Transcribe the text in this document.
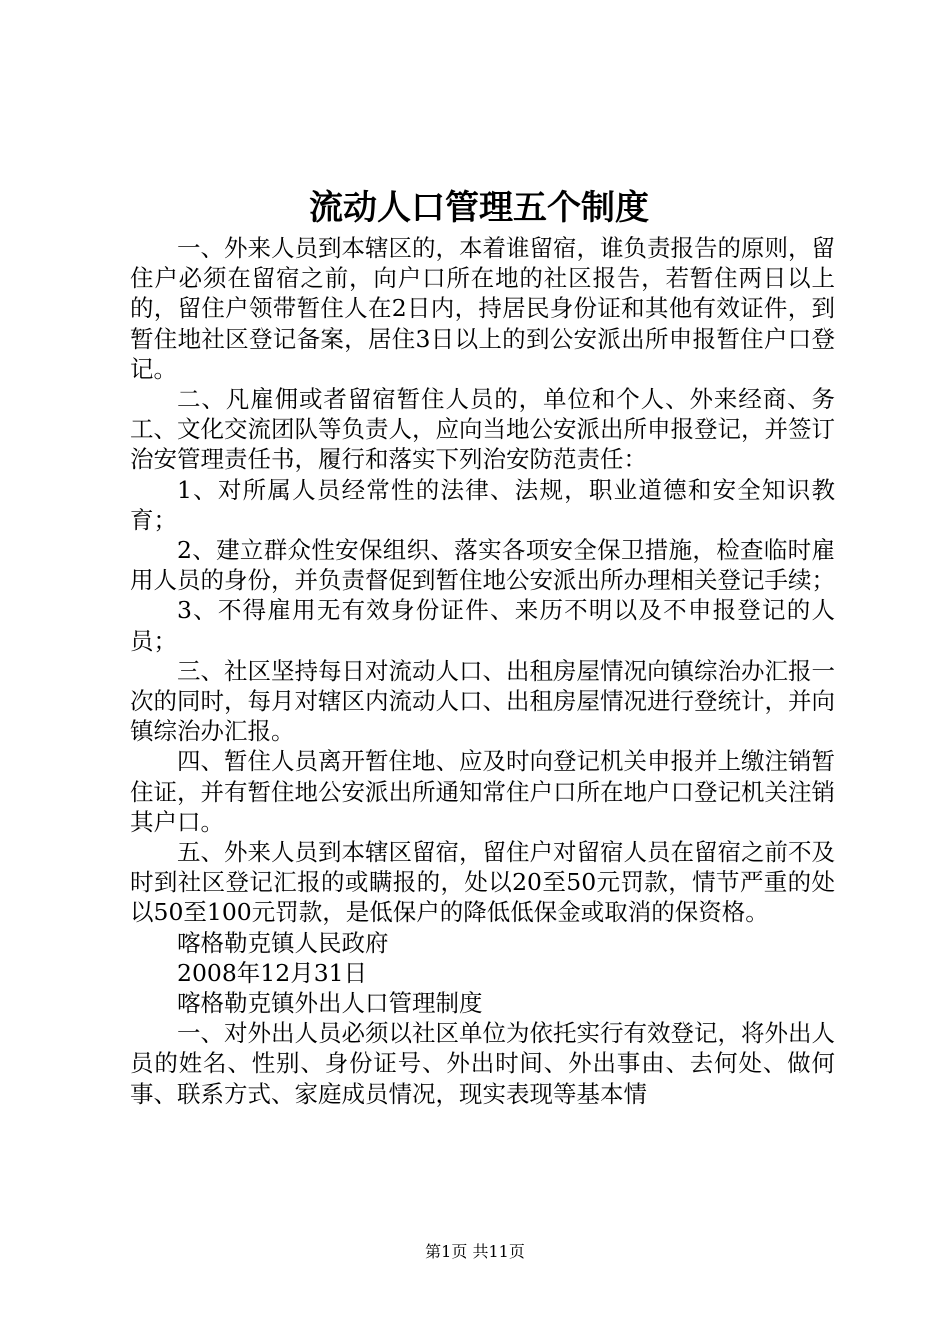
流动人口管理五个制度

一、外来人员到本辖区的，本着谁留宿，谁负责报告的原则，留住户必须在留宿之前，向户口所在地的社区报告，若暂住两日以上的，留住户领带暂住人在2日内，持居民身份证和其他有效证件，到暂住地社区登记备案，居住3日以上的到公安派出所申报暂住户口登记。

二、凡雇佣或者留宿暂住人员的，单位和个人、外来经商、务工、文化交流团队等负责人，应向当地公安派出所申报登记，并签订治安管理责任书，履行和落实下列治安防范责任：

1、对所属人员经常性的法律、法规，职业道德和安全知识教育；

2、建立群众性安保组织、落实各项安全保卫措施，检查临时雇用人员的身份，并负责督促到暂住地公安派出所办理相关登记手续；

3、不得雇用无有效身份证件、来历不明以及不申报登记的人员；

三、社区坚持每日对流动人口、出租房屋情况向镇综治办汇报一次的同时，每月对辖区内流动人口、出租房屋情况进行登统计，并向镇综治办汇报。

四、暂住人员离开暂住地、应及时向登记机关申报并上缴注销暂住证，并有暂住地公安派出所通知常住户口所在地户口登记机关注销其户口。

五、外来人员到本辖区留宿，留住户对留宿人员在留宿之前不及时到社区登记汇报的或瞒报的，处以20至50元罚款，情节严重的处以50至100元罚款，是低保户的降低低保金或取消的保资格。

喀格勒克镇人民政府

2008年12月31日

喀格勒克镇外出人口管理制度

一、对外出人员必须以社区单位为依托实行有效登记，将外出人员的姓名、性别、身份证号、外出时间、外出事由、去何处、做何事、联系方式、家庭成员情况，现实表现等基本情

第1页 共11页
